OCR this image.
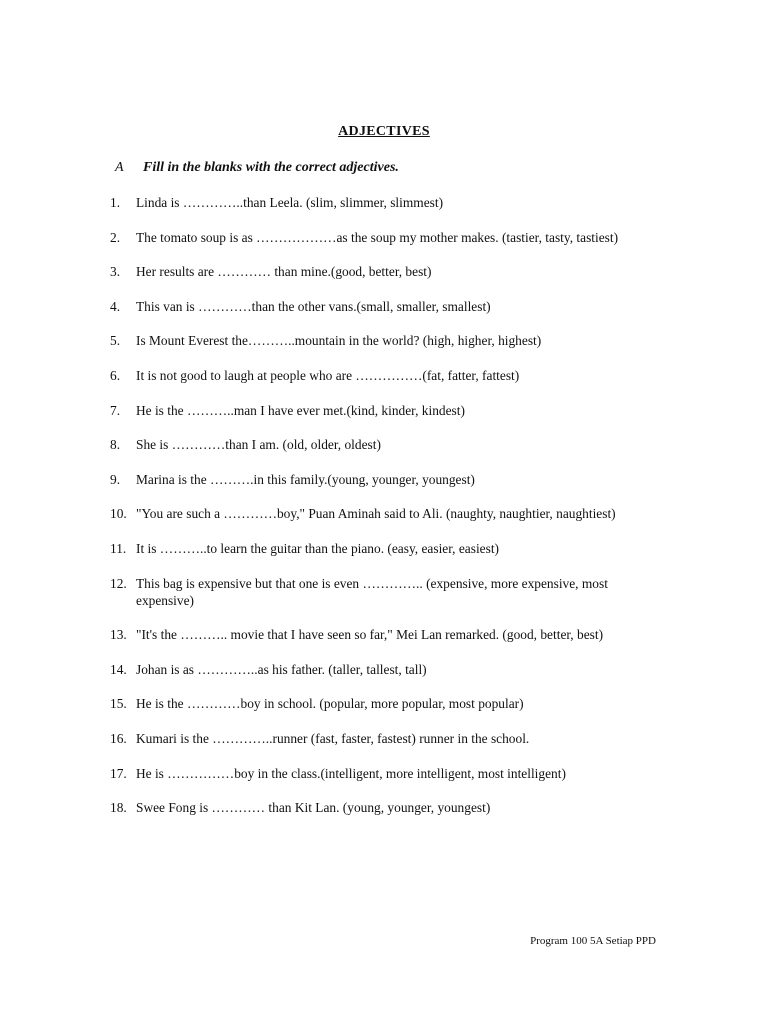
ADJECTIVES
A Fill in the blanks with the correct adjectives.
1.	Linda is …………..than Leela. (slim, slimmer, slimmest)
2.	The tomato soup is as ………………as the soup my mother makes. (tastier, tasty, tastiest)
3.	Her results are ………… than mine.(good, better, best)
4.	This van is …………than the other vans.(small, smaller, smallest)
5.	Is Mount Everest the………..mountain in the world? (high, higher, highest)
6.	It is not good to laugh at people who are ……………(fat, fatter, fattest)
7.	He is the ………..man I have ever met.(kind, kinder, kindest)
8.	She is …………than I am. (old, older, oldest)
9.	Marina is the ……….in this family.(young, younger, youngest)
10. "You are such a …………boy," Puan Aminah said to Ali. (naughty, naughtier, naughtiest)
11. It is ………..to learn the guitar than the piano. (easy, easier, easiest)
12. This bag is expensive but that one is even ………….. (expensive, more expensive, most expensive)
13. "It's the ……….. movie that I have seen so far," Mei Lan remarked. (good, better, best)
14. Johan is as …………..as his father. (taller, tallest, tall)
15. He is the …………boy in school. (popular, more popular, most popular)
16. Kumari is the …………..runner (fast, faster, fastest) runner in the school.
17. He is ……………boy in the class.(intelligent, more intelligent, most intelligent)
18. Swee Fong is ………… than Kit Lan. (young, younger, youngest)
Program 100 5A Setiap PPD
